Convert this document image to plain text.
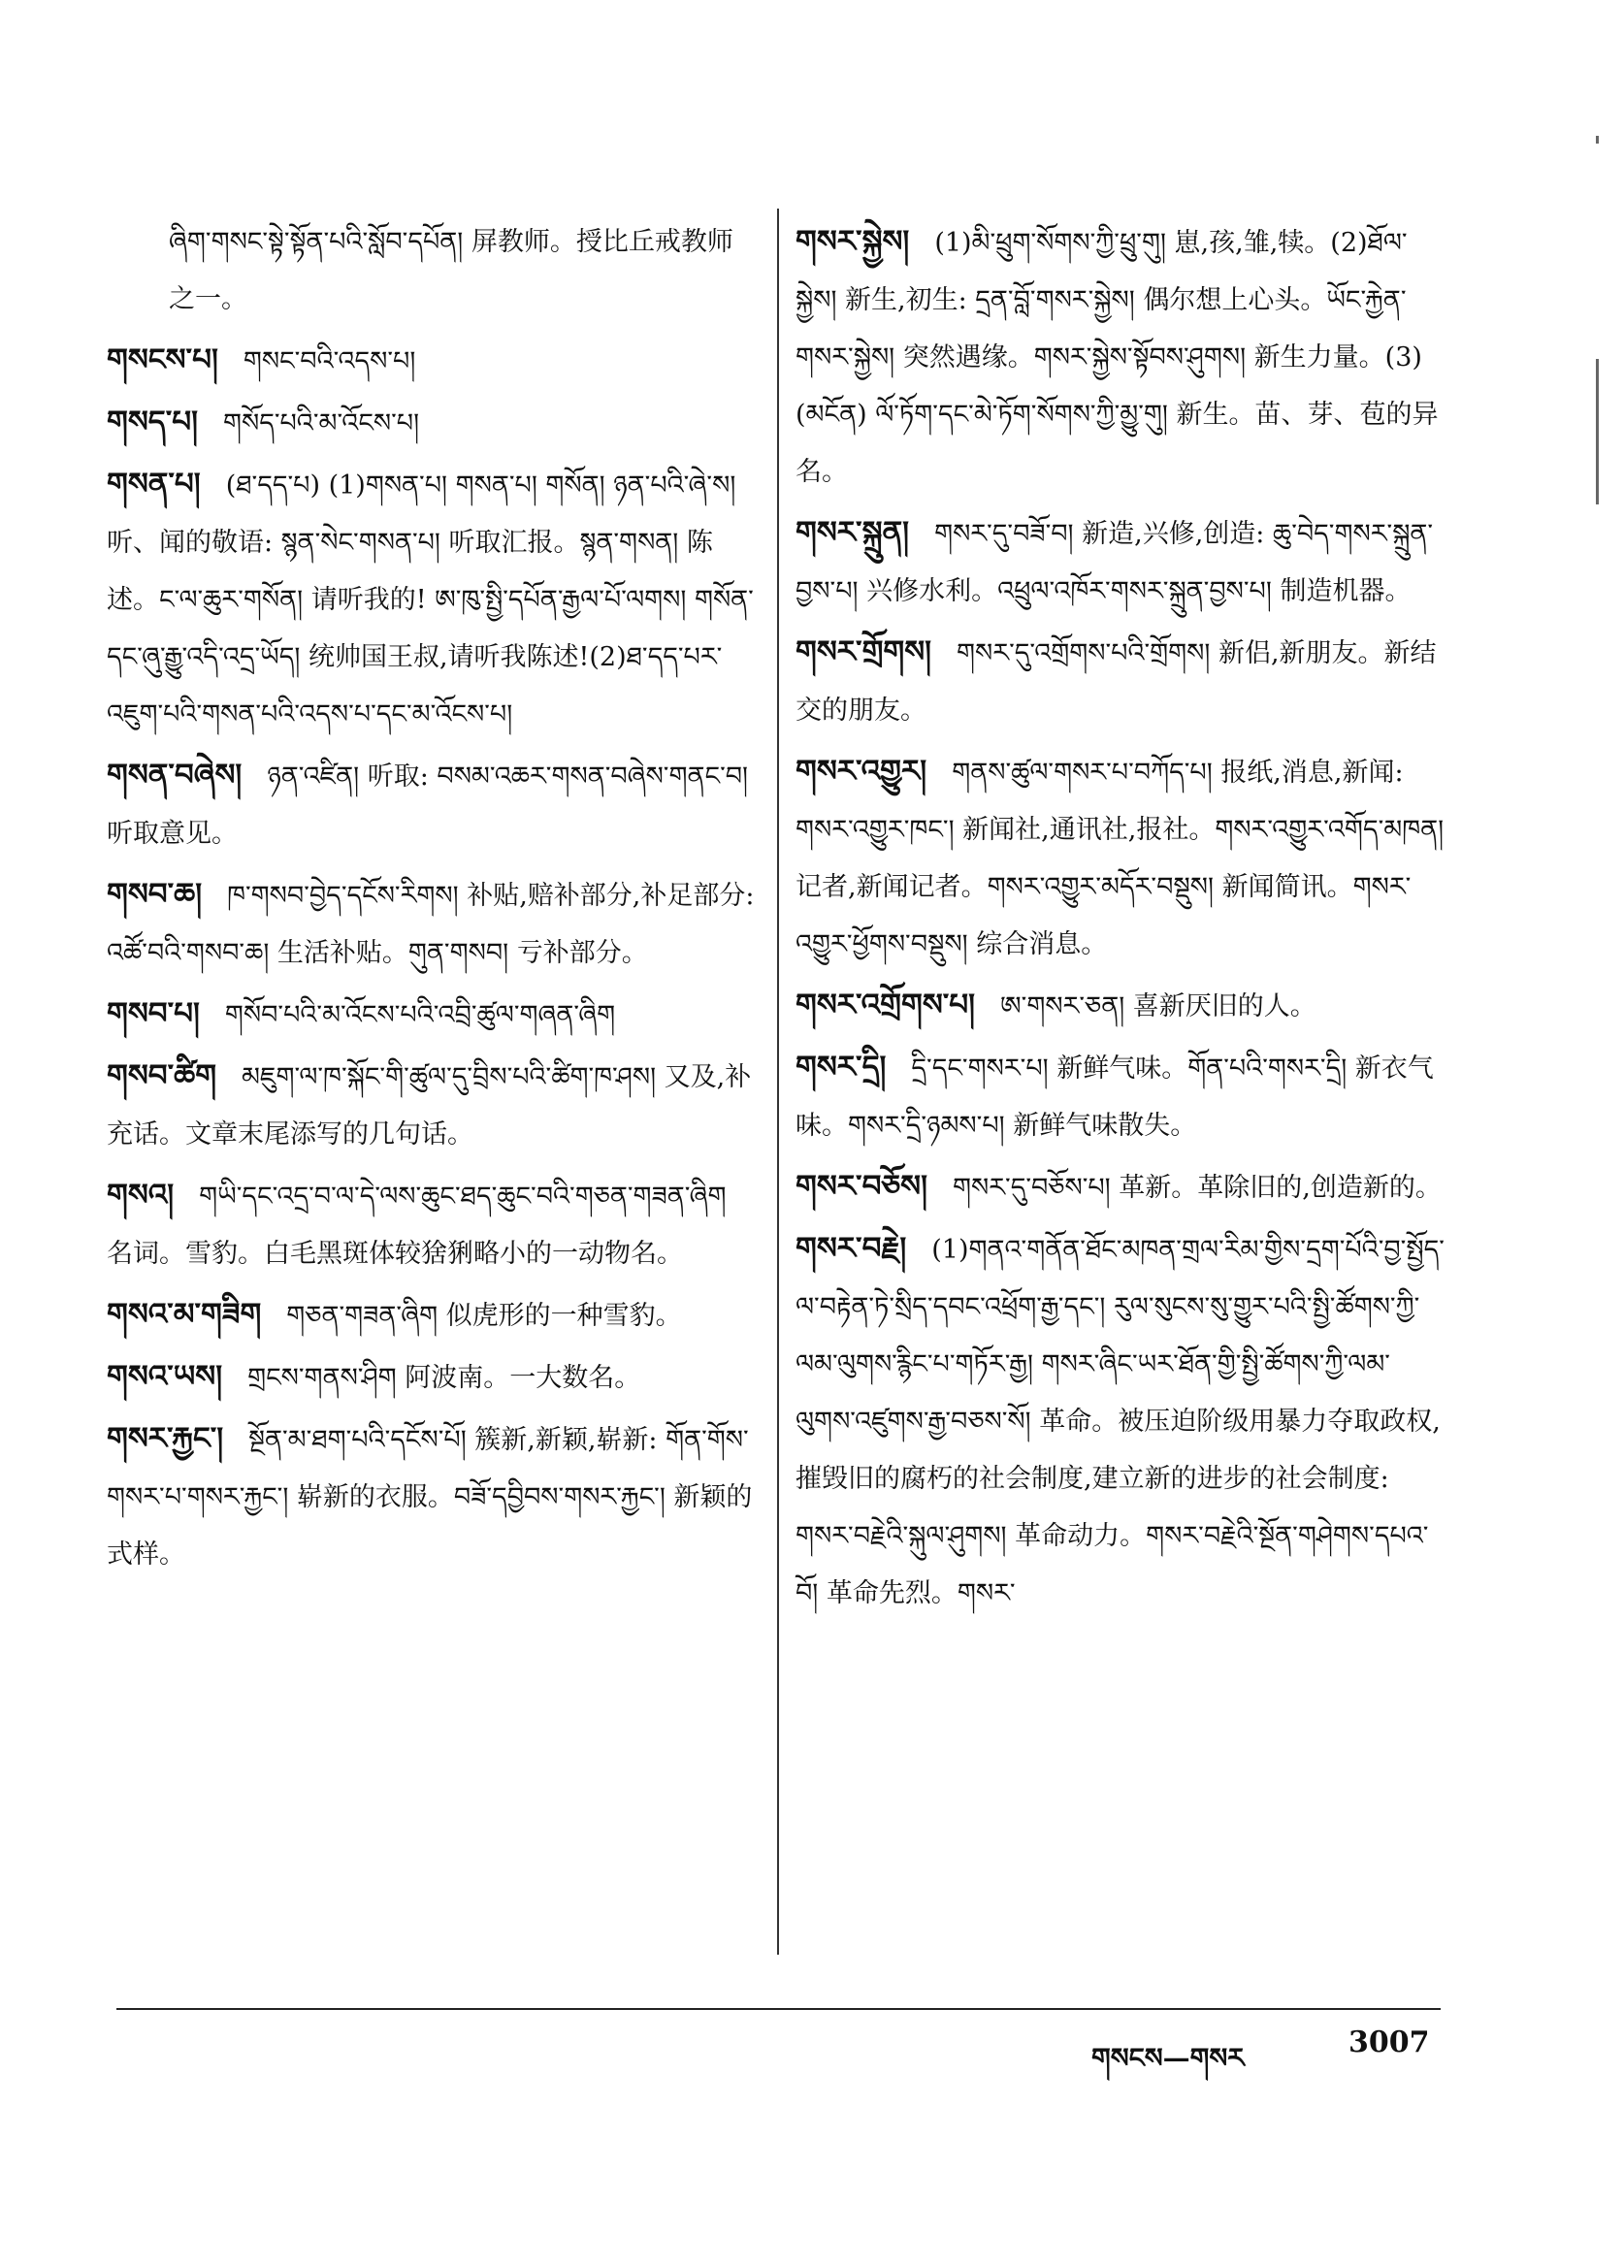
ཞིག་གསང་སྟེ་སྟོན་པའི་སློབ་དཔོན། 屏教师。授比丘戒教师之一。
གསངས་པ། གསང་བའི་འདས་པ།
གསད་པ། གསོད་པའི་མ་འོངས་པ།
གསན་པ། (ཐ་དད་པ) (1)གསན་པ། གསན་པ། གསོན། ཉན་པའི་ཞེ་ས། 听、闻的敬语: སྙན་སེང་གསན་པ། 听取汇报。སྙན་གསན། 陈述。ང་ལ་ཆུར་གསོན། 请听我的! ཨ་ཁུ་སྤྱི་དཔོན་རྒྱལ་པོ་ལགས། གསོན་དང་ཞུ་རྒྱུ་འདི་འདྲ་ཡོད། 统帅国王叔,请听我陈述!(2)ཐ་དད་པར་འཇུག་པའི་གསན་པའི་འདས་པ་དང་མ་འོངས་པ།
གསན་བཞེས། ཉན་འཛིན། 听取: བསམ་འཆར་གསན་བཞེས་གནང་བ། 听取意见。
གསབ་ཆ། ཁ་གསབ་བྱེད་དངོས་རིགས། 补贴,赔补部分,补足部分: འཚོ་བའི་གསབ་ཆ། 生活补贴。གུན་གསབ། 亏补部分。
གསབ་པ། གསོབ་པའི་མ་འོངས་པའི་འབྲི་ཚུལ་གཞན་ཞིག
གསབ་ཚིག མཇུག་ལ་ཁ་སྐོང་གི་ཚུལ་དུ་བྲིས་པའི་ཚིག་ཁ་ཤས། 又及,补充话。文章末尾添写的几句话。
གསའ། གཡི་དང་འདྲ་བ་ལ་དེ་ལས་ཆུང་ཐད་ཆུང་བའི་གཅན་གཟན་ཞིག 名词。雪豹。白毛黑斑体较猞猁略小的一动物名。
གསའ་མ་གཟིག གཅན་གཟན་ཞིག 似虎形的一种雪豹。
གསའ་ཡས། གྲངས་གནས་ཤིག 阿波南。一大数名。
གསར་རྐྱང་། སྔོན་མ་ཐག་པའི་དངོས་པོ། 簇新,新颖,崭新: གོན་གོས་གསར་པ་གསར་རྐྱང་། 崭新的衣服。བཟོ་དབྱིབས་གསར་རྐྱང་། 新颖的式样。
གསར་སྐྱེས། (1)མི་ཕྲུག་སོགས་ཀྱི་ཕྲུ་གུ། 崽,孩,雏,犊。(2)ཐོལ་སྐྱེས། 新生,初生: དྲན་བློ་གསར་སྐྱེས། 偶尔想上心头。ཡོང་རྐྱེན་གསར་སྐྱེས། 突然遇缘。གསར་སྐྱེས་སྟོབས་ཤུགས། 新生力量。(3)(མངོན) ལོ་ཏོག་དང་མེ་ཏོག་སོགས་ཀྱི་མྱུ་གུ། 新生。苗、芽、苞的异名。
གསར་སྐྲུན། གསར་དུ་བཟོ་བ། 新造,兴修,创造: ཆུ་བེད་གསར་སྐྲུན་བྱས་པ། 兴修水利。འཕྲུལ་འཁོར་གསར་སྐྲུན་བྱས་པ། 制造机器。
གསར་གྲོགས། གསར་དུ་འགྲོགས་པའི་གྲོགས། 新侣,新朋友。新结交的朋友。
གསར་འགྱུར། གནས་ཚུལ་གསར་པ་བཀོད་པ། 报纸,消息,新闻: གསར་འགྱུར་ཁང་། 新闻社,通讯社,报社。གསར་འགྱུར་འགོད་མཁན། 记者,新闻记者。གསར་འགྱུར་མདོར་བསྡུས། 新闻简讯。གསར་འགྱུར་ཕྱོགས་བསྡུས། 综合消息。
གསར་འགྲོགས་པ། ཨ་གསར་ཅན། 喜新厌旧的人。
གསར་དྲི། དྲི་དང་གསར་པ། 新鲜气味。གོན་པའི་གསར་དྲི། 新衣气味。གསར་དྲི་ཉམས་པ། 新鲜气味散失。
གསར་བཅོས། གསར་དུ་བཅོས་པ། 革新。革除旧的,创造新的。
གསར་བརྗེ། (1)གནའ་གནོན་ཐོང་མཁན་གྲལ་རིམ་གྱིས་དྲག་པོའི་བྱ་སྤྱོད་ལ་བརྟེན་ཏེ་སྲིད་དབང་འཕྲོག་རྒྱ་དང་། རུལ་སུངས་སུ་གྱུར་པའི་སྤྱི་ཚོགས་ཀྱི་ལམ་ལུགས་རྙིང་པ་གཏོར་རྒྱ། གསར་ཞིང་ཡར་ཐོན་གྱི་སྤྱི་ཚོགས་ཀྱི་ལམ་ལུགས་འཛུགས་རྒྱ་བཅས་སོ། 革命。被压迫阶级用暴力夺取政权,摧毁旧的腐朽的社会制度,建立新的进步的社会制度: གསར་བརྗེའི་སྐུལ་ཤུགས། 革命动力。གསར་བརྗེའི་སྔོན་གཤེགས་དཔའ་བོ། 革命先烈。གསར་
གསངས—གསར	3007
